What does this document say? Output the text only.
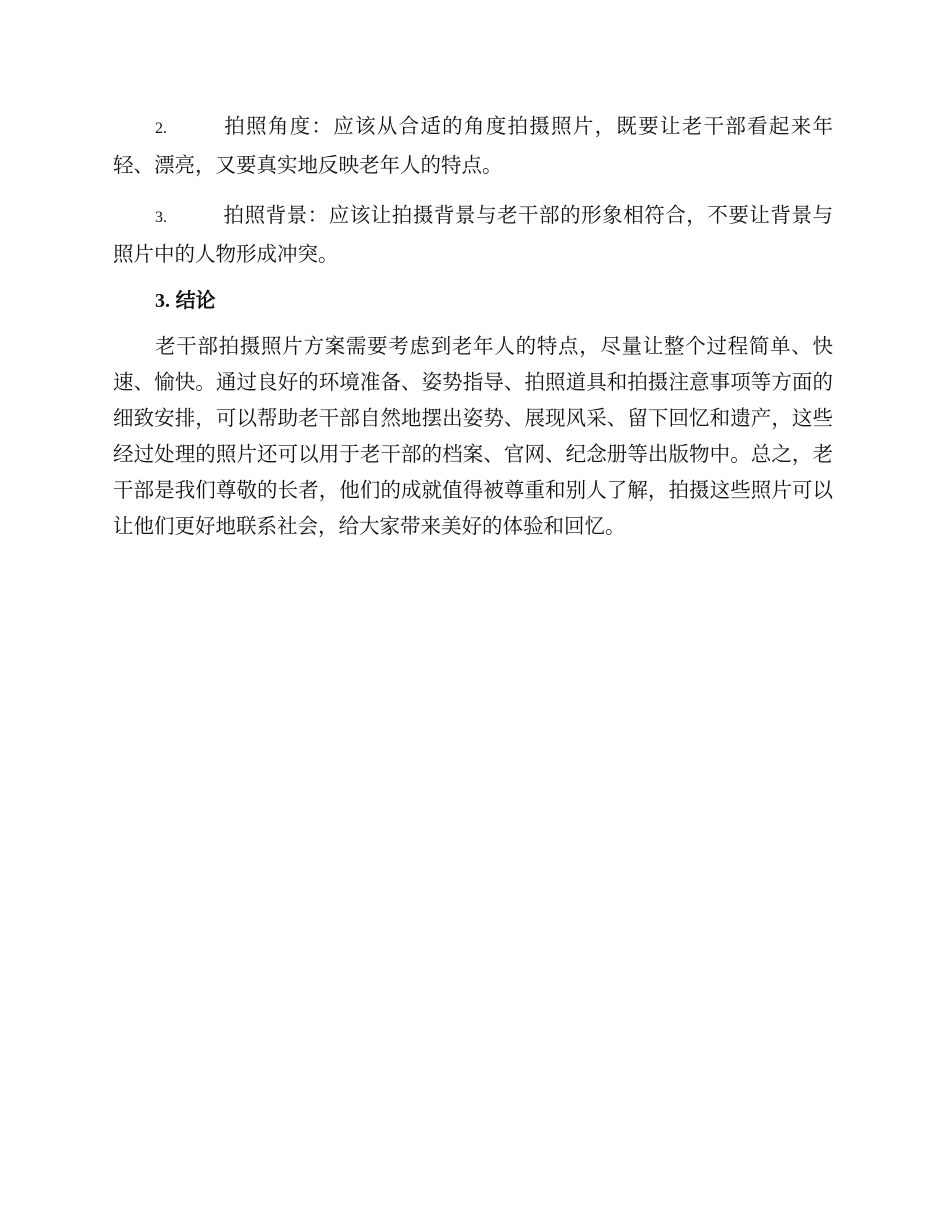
2.	拍照角度：应该从合适的角度拍摄照片，既要让老干部看起来年轻、漂亮，又要真实地反映老年人的特点。

3.	拍照背景：应该让拍摄背景与老干部的形象相符合，不要让背景与照片中的人物形成冲突。

3. 结论

老干部拍摄照片方案需要考虑到老年人的特点，尽量让整个过程简单、快速、愉快。通过良好的环境准备、姿势指导、拍照道具和拍摄注意事项等方面的细致安排，可以帮助老干部自然地摆出姿势、展现风采、留下回忆和遗产，这些经过处理的照片还可以用于老干部的档案、官网、纪念册等出版物中。总之，老干部是我们尊敬的长者，他们的成就值得被尊重和别人了解，拍摄这些照片可以让他们更好地联系社会，给大家带来美好的体验和回忆。
